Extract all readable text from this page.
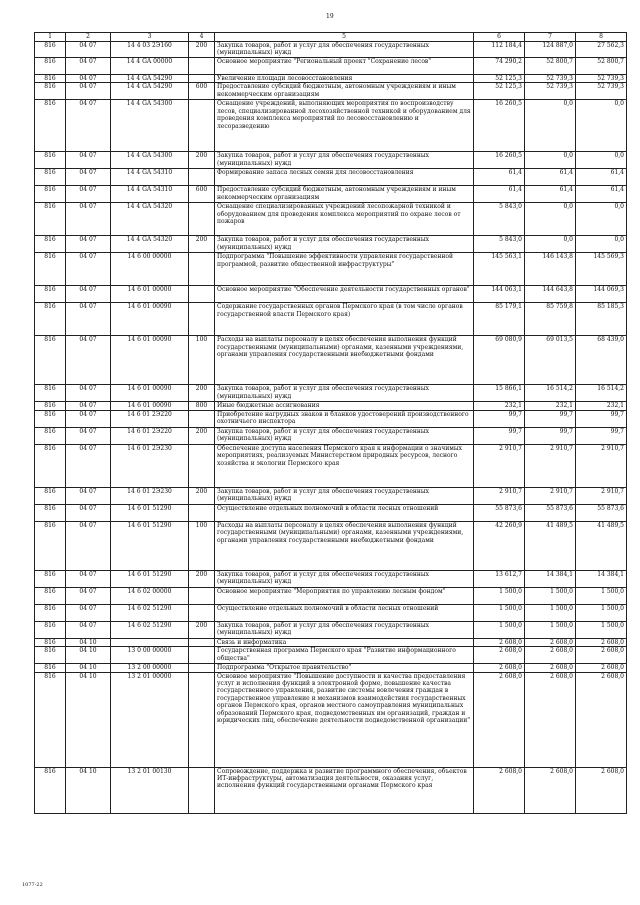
19
1	2	3	4	5	6	7	8
816	04 07	14 4 03 2Э160	200	Закупка товаров, работ и услуг для обеспечения государственных (муниципальных) нужд	112 184,4	124 887,0	27 562,3
816	04 07	14 4 GA 00000		Основное мероприятие "Региональный проект "Сохранение лесов"	74 290,2	52 800,7	52 800,7
816	04 07	14 4 GA 54290		Увеличение площади лесовосстановления	52 125,3	52 739,3	52 739,3
816	04 07	14 4 GA 54290	600	Предоставление субсидий бюджетным, автономным учреждениям и иным некоммерческим организациям	52 125,3	52 739,3	52 739,3
816	04 07	14 4 GA 54300		Оснащение учреждений, выполняющих мероприятия по воспроизводству лесов, специализированной лесохозяйственной техникой и оборудованием для проведения комплекса мероприятий по лесовосстановлению и лесоразведению	16 260,5	0,0	0,0
816	04 07	14 4 GA 54300	200	Закупка товаров, работ и услуг для обеспечения государственных (муниципальных) нужд	16 260,5	0,0	0,0
816	04 07	14 4 GA 54310		Формирование запаса лесных семян для лесовосстановления	61,4	61,4	61,4
816	04 07	14 4 GA 54310	600	Предоставление субсидий бюджетным, автономным учреждениям и иным некоммерческим организациям	61,4	61,4	61,4
816	04 07	14 4 GA 54320		Оснащение специализированных учреждений лесопожарной техникой и оборудованием для проведения комплекса мероприятий по охране лесов от пожаров	5 843,0	0,0	0,0
816	04 07	14 4 GA 54320	200	Закупка товаров, работ и услуг для обеспечения государственных (муниципальных) нужд	5 843,0	0,0	0,0
816	04 07	14 6 00 00000		Подпрограмма "Повышение эффективности управления государственной программой, развитие общественной инфраструктуры"	145 563,1	146 143,8	145 569,3
816	04 07	14 6 01 00000		Основное мероприятие "Обеспечение деятельности государственных органов"	144 063,1	144 643,8	144 069,3
816	04 07	14 6 01 00090		Содержание государственных органов Пермского края (в том числе органов государственной власти Пермского края)	85 179,1	85 759,8	85 185,3
816	04 07	14 6 01 00090	100	Расходы на выплаты персоналу в целях обеспечения выполнения функций государственными (муниципальными) органами, казенными учреждениями, органами управления государственными внебюджетными фондами	69 080,9	69 013,5	68 439,0
816	04 07	14 6 01 00090	200	Закупка товаров, работ и услуг для обеспечения государственных (муниципальных) нужд	15 866,1	16 514,2	16 514,2
816	04 07	14 6 01 00090	800	Иные бюджетные ассигнования	232,1	232,1	232,1
816	04 07	14 6 01 2Э220		Приобретение нагрудных знаков и бланков удостоверений производственного охотничьего инспектора	99,7	99,7	99,7
816	04 07	14 6 01 2Э220	200	Закупка товаров, работ и услуг для обеспечения государственных (муниципальных) нужд	99,7	99,7	99,7
816	04 07	14 6 01 2Э230		Обеспечение доступа населения Пермского края к информации о значимых мероприятиях, реализуемых Министерством природных ресурсов, лесного хозяйства и экологии Пермского края	2 910,7	2 910,7	2 910,7
816	04 07	14 6 01 2Э230	200	Закупка товаров, работ и услуг для обеспечения государственных (муниципальных) нужд	2 910,7	2 910,7	2 910,7
816	04 07	14 6 01 51290		Осуществление отдельных полномочий в области лесных отношений	55 873,6	55 873,6	55 873,6
816	04 07	14 6 01 51290	100	Расходы на выплаты персоналу в целях обеспечения выполнения функций государственными (муниципальными) органами, казенными учреждениями, органами управления государственными внебюджетными фондами	42 260,9	41 489,5	41 489,5
816	04 07	14 6 01 51290	200	Закупка товаров, работ и услуг для обеспечения государственных (муниципальных) нужд	13 612,7	14 384,1	14 384,1
816	04 07	14 6 02 00000		Основное мероприятие "Мероприятия по управлению лесным фондом"	1 500,0	1 500,0	1 500,0
816	04 07	14 6 02 51290		Осуществление отдельных полномочий в области лесных отношений	1 500,0	1 500,0	1 500,0
816	04 07	14 6 02 51290	200	Закупка товаров, работ и услуг для обеспечения государственных (муниципальных) нужд	1 500,0	1 500,0	1 500,0
816	04 10			Связь и информатика	2 608,0	2 608,0	2 608,0
816	04 10	13 0 00 00000		Государственная программа Пермского края "Развитие информационного общества"	2 608,0	2 608,0	2 608,0
816	04 10	13 2 00 00000		Подпрограмма "Открытое правительство"	2 608,0	2 608,0	2 608,0
816	04 10	13 2 01 00000		Основное мероприятие "Повышение доступности и качества предоставления услуг и исполнения функций в электронной форме, повышение качества государственного управления, развитие системы вовлечения граждан в государственное управление и механизмов взаимодействия государственных органов Пермского края, органов местного самоуправления муниципальных образований Пермского края, подведомственных им организаций, граждан и юридических лиц, обеспечение деятельности подведомственной организации"	2 608,0	2 608,0	2 608,0
816	04 10	13 2 01 00130		Сопровождение, поддержка и развитие программного обеспечения, объектов ИТ-инфраструктуры, автоматизация деятельности, оказания услуг, исполнения функций государственными органами Пермского края	2 608,0	2 608,0	2 608,0
1077-22
